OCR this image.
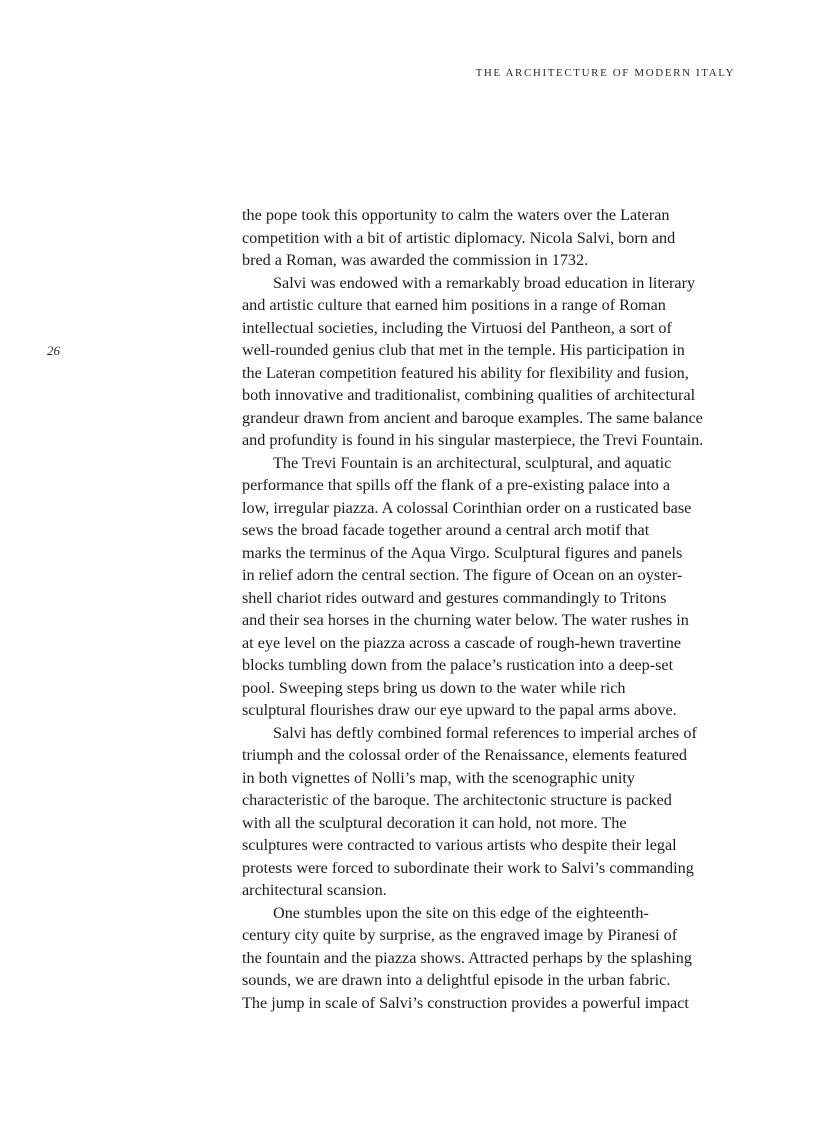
THE ARCHITECTURE OF MODERN ITALY
26
the pope took this opportunity to calm the waters over the Lateran
competition with a bit of artistic diplomacy. Nicola Salvi, born and
bred a Roman, was awarded the commission in 1732.
Salvi was endowed with a remarkably broad education in literary
and artistic culture that earned him positions in a range of Roman
intellectual societies, including the Virtuosi del Pantheon, a sort of
well-rounded genius club that met in the temple. His participation in
the Lateran competition featured his ability for flexibility and fusion,
both innovative and traditionalist, combining qualities of architectural
grandeur drawn from ancient and baroque examples. The same balance
and profundity is found in his singular masterpiece, the Trevi Fountain.
The Trevi Fountain is an architectural, sculptural, and aquatic
performance that spills off the flank of a pre-existing palace into a
low, irregular piazza. A colossal Corinthian order on a rusticated base
sews the broad facade together around a central arch motif that
marks the terminus of the Aqua Virgo. Sculptural figures and panels
in relief adorn the central section. The figure of Ocean on an oyster-
shell chariot rides outward and gestures commandingly to Tritons
and their sea horses in the churning water below. The water rushes in
at eye level on the piazza across a cascade of rough-hewn travertine
blocks tumbling down from the palace’s rustication into a deep-set
pool. Sweeping steps bring us down to the water while rich
sculptural flourishes draw our eye upward to the papal arms above.
Salvi has deftly combined formal references to imperial arches of
triumph and the colossal order of the Renaissance, elements featured
in both vignettes of Nolli’s map, with the scenographic unity
characteristic of the baroque. The architectonic structure is packed
with all the sculptural decoration it can hold, not more. The
sculptures were contracted to various artists who despite their legal
protests were forced to subordinate their work to Salvi’s commanding
architectural scansion.
One stumbles upon the site on this edge of the eighteenth-
century city quite by surprise, as the engraved image by Piranesi of
the fountain and the piazza shows. Attracted perhaps by the splashing
sounds, we are drawn into a delightful episode in the urban fabric.
The jump in scale of Salvi’s construction provides a powerful impact
